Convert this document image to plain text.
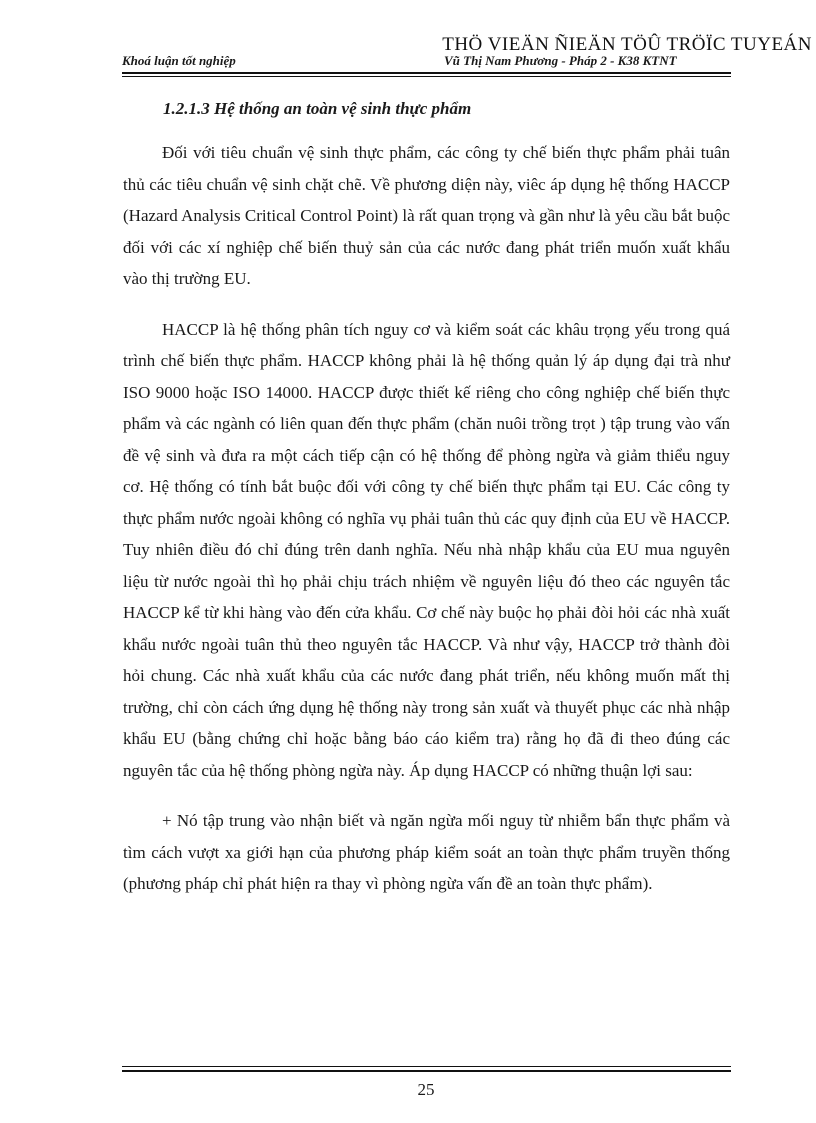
THÖ VIEÄN ÑIEÄN TÖÛ TRÖÏC TUYEÁN
Khoá luận tốt nghiệp	Vũ Thị Nam Phương - Pháp 2 - K38 KTNT
1.2.1.3 Hệ thống an toàn vệ sinh thực phẩm

Đối với tiêu chuẩn vệ sinh thực phẩm, các công ty chế biến thực phẩm phải tuân thủ các tiêu chuẩn vệ sinh chặt chẽ. Về phương diện này, viêc áp dụng hệ thống HACCP (Hazard Analysis Critical Control Point) là rất quan trọng và gần như là yêu cầu bắt buộc đối với các xí nghiệp chế biến thuỷ sản của các nước đang phát triển muốn xuất khẩu vào thị trường EU.

HACCP là hệ thống phân tích nguy cơ và kiểm soát các khâu trọng yếu trong quá trình chế biến thực phẩm. HACCP không phải là hệ thống quản lý áp dụng đại trà như ISO 9000 hoặc ISO 14000. HACCP được thiết kế riêng cho công nghiệp chế biến thực phẩm và các ngành có liên quan đến thực phẩm (chăn nuôi trồng trọt ) tập trung vào vấn đề vệ sinh và đưa ra một cách tiếp cận có hệ thống để phòng ngừa và giảm thiểu nguy cơ. Hệ thống có tính bắt buộc đối với công ty chế biến thực phẩm tại EU. Các công ty thực phẩm nước ngoài không có nghĩa vụ phải tuân thủ các quy định của EU về HACCP. Tuy nhiên điều đó chỉ đúng trên danh nghĩa. Nếu nhà nhập khẩu của EU mua nguyên liệu từ nước ngoài thì họ phải chịu trách nhiệm về nguyên liệu đó theo các nguyên tắc HACCP kể từ khi hàng vào đến cửa khẩu. Cơ chế này buộc họ phải đòi hỏi các nhà xuất khẩu nước ngoài tuân thủ theo nguyên tắc HACCP. Và như vậy, HACCP trở thành đòi hỏi chung. Các nhà xuất khẩu của các nước đang phát triển, nếu không muốn mất thị trường, chỉ còn cách ứng dụng hệ thống này trong sản xuất và thuyết phục các nhà nhập khẩu EU (bằng chứng chỉ hoặc bằng báo cáo kiểm tra) rằng họ đã đi theo đúng các nguyên tắc của hệ thống phòng ngừa này. Áp dụng HACCP có những thuận lợi sau:

+ Nó tập trung vào nhận biết và ngăn ngừa mối nguy từ nhiễm bẩn thực phẩm và tìm cách vượt xa giới hạn của phương pháp kiểm soát an toàn thực phẩm truyền thống (phương pháp chỉ phát hiện ra thay vì phòng ngừa vấn đề an toàn thực phẩm).

25
